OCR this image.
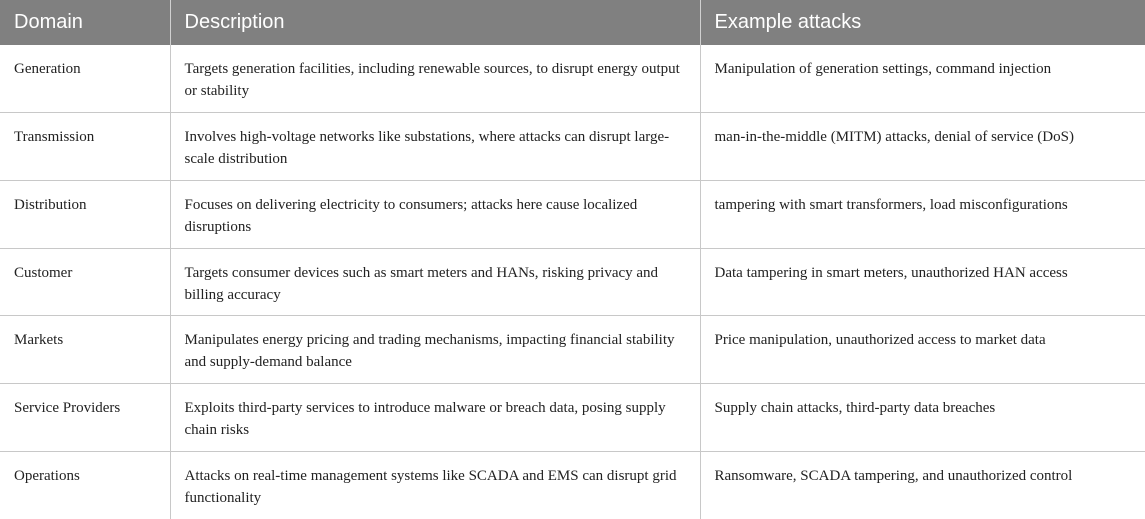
Domain	Description	Example attacks
Generation	Targets generation facilities, including renewable sources, to disrupt energy output or stability	Manipulation of generation settings, command injection
Transmission	Involves high-voltage networks like substations, where attacks can disrupt large-scale distribution	man-in-the-middle (MITM) attacks, denial of service (DoS)
Distribution	Focuses on delivering electricity to consumers; attacks here cause localized disruptions	tampering with smart transformers, load misconfigurations
Customer	Targets consumer devices such as smart meters and HANs, risking privacy and billing accuracy	Data tampering in smart meters, unauthorized HAN access
Markets	Manipulates energy pricing and trading mechanisms, impacting financial stability and supply-demand balance	Price manipulation, unauthorized access to market data
Service Providers	Exploits third-party services to introduce malware or breach data, posing supply chain risks	Supply chain attacks, third-party data breaches
Operations	Attacks on real-time management systems like SCADA and EMS can disrupt grid functionality	Ransomware, SCADA tampering, and unauthorized control
